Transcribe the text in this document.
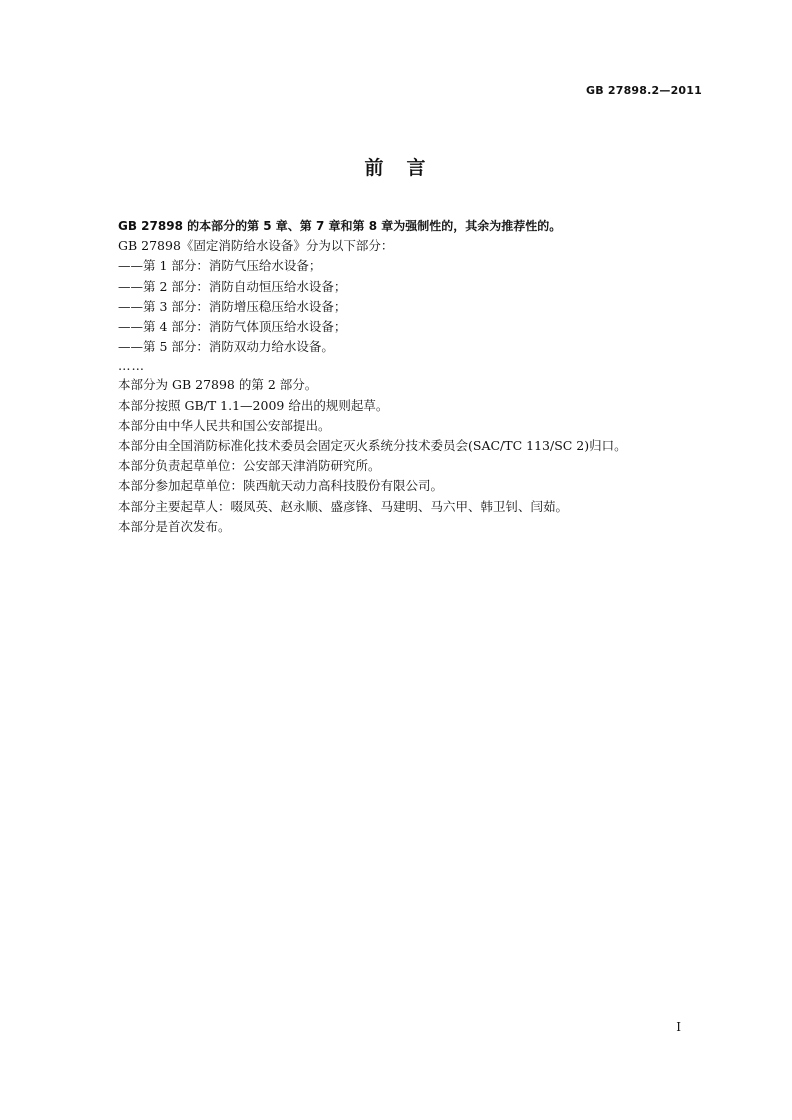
GB 27898.2—2011
前　言
GB 27898 的本部分的第 5 章、第 7 章和第 8 章为强制性的，其余为推荐性的。
GB 27898《固定消防给水设备》分为以下部分：
——第 1 部分：消防气压给水设备；
——第 2 部分：消防自动恒压给水设备；
——第 3 部分：消防增压稳压给水设备；
——第 4 部分：消防气体顶压给水设备；
——第 5 部分：消防双动力给水设备。
……
本部分为 GB 27898 的第 2 部分。
本部分按照 GB/T 1.1—2009 给出的规则起草。
本部分由中华人民共和国公安部提出。
本部分由全国消防标准化技术委员会固定灭火系统分技术委员会(SAC/TC 113/SC 2)归口。
本部分负责起草单位：公安部天津消防研究所。
本部分参加起草单位：陕西航天动力高科技股份有限公司。
本部分主要起草人：啜凤英、赵永顺、盛彦锋、马建明、马六甲、韩卫钊、闫茹。
本部分是首次发布。
I
